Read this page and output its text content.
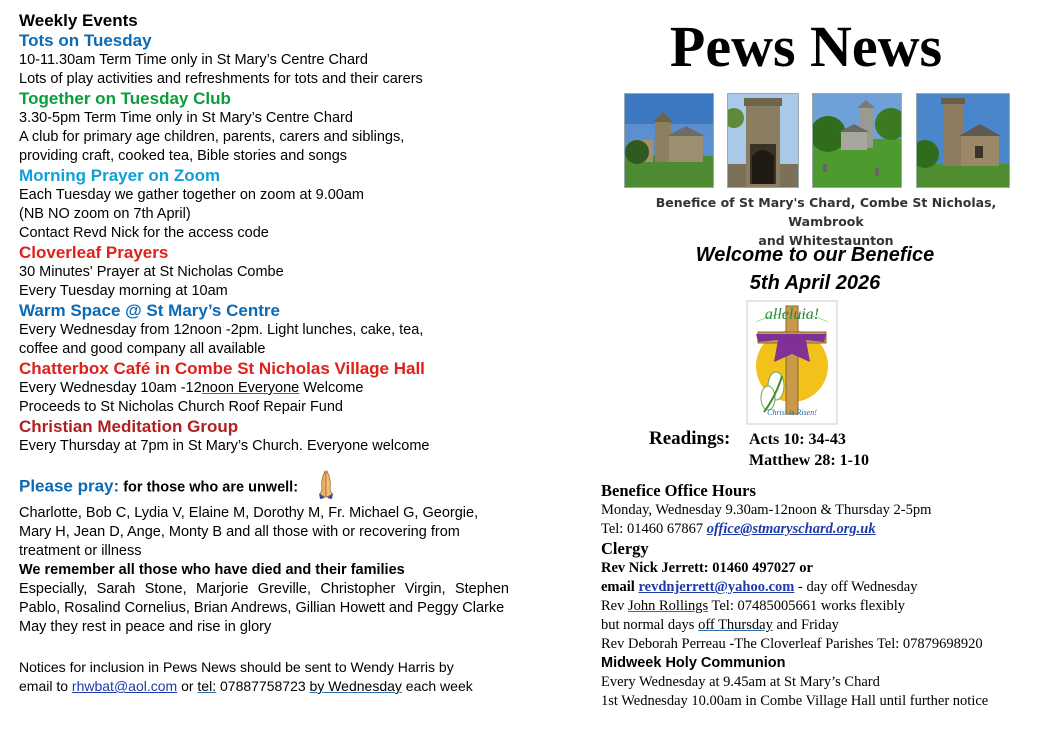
Weekly Events
Tots on Tuesday
10-11.30am Term Time only in St Mary’s Centre Chard
Lots of play activities and refreshments for tots and their carers
Together on Tuesday Club
3.30-5pm Term Time only in St Mary’s Centre Chard
A club for primary age children, parents, carers and siblings,
providing craft, cooked tea, Bible stories and songs
Morning Prayer on Zoom
Each Tuesday we gather together on zoom at 9.00am
(NB NO zoom on 7th April)
Contact Revd Nick for the access code
Cloverleaf Prayers
30 Minutes' Prayer at St Nicholas Combe
Every Tuesday morning at 10am
Warm Space @ St Mary’s Centre
Every Wednesday from 12noon -2pm. Light lunches, cake, tea,
coffee and good company all available
Chatterbox Café in Combe St Nicholas Village Hall
Every Wednesday 10am -12noon Everyone Welcome
Proceeds to St Nicholas Church Roof Repair Fund
Christian Meditation Group
Every Thursday at 7pm in St Mary’s Church. Everyone welcome
Please pray: for those who are unwell:
Charlotte, Bob C, Lydia V, Elaine M, Dorothy M, Fr. Michael G, Georgie, Mary H, Jean D, Ange, Monty B and all those with or recovering from treatment or illness
We remember all those who have died and their families
Especially, Sarah Stone, Marjorie Greville, Christopher Virgin, Stephen Pablo, Rosalind Cornelius, Brian Andrews, Gillian Howett and Peggy Clarke
May they rest in peace and rise in glory
Notices for inclusion in Pews News should be sent to Wendy Harris by
email to rhwbat@aol.com or tel: 07887758723 by Wednesday each week
Pews News
Benefice of St Mary's Chard, Combe St Nicholas, Wambrook
and Whitestaunton
Welcome to our Benefice
5th April 2026
alleluia!
Christ is Risen!
Readings: Acts 10: 34-43
Matthew 28: 1-10
Benefice Office Hours
Monday, Wednesday 9.30am-12noon & Thursday 2-5pm
Tel: 01460 67867 office@stmaryschard.org.uk
Clergy
Rev Nick Jerrett: 01460 497027 or
email revdnjerrett@yahoo.com - day off Wednesday
Rev John Rollings Tel: 07485005661 works flexibly
but normal days off Thursday and Friday
Rev Deborah Perreau -The Cloverleaf Parishes Tel: 07879698920
Midweek Holy Communion
Every Wednesday at 9.45am at St Mary’s Chard
1st Wednesday 10.00am in Combe Village Hall until further notice
